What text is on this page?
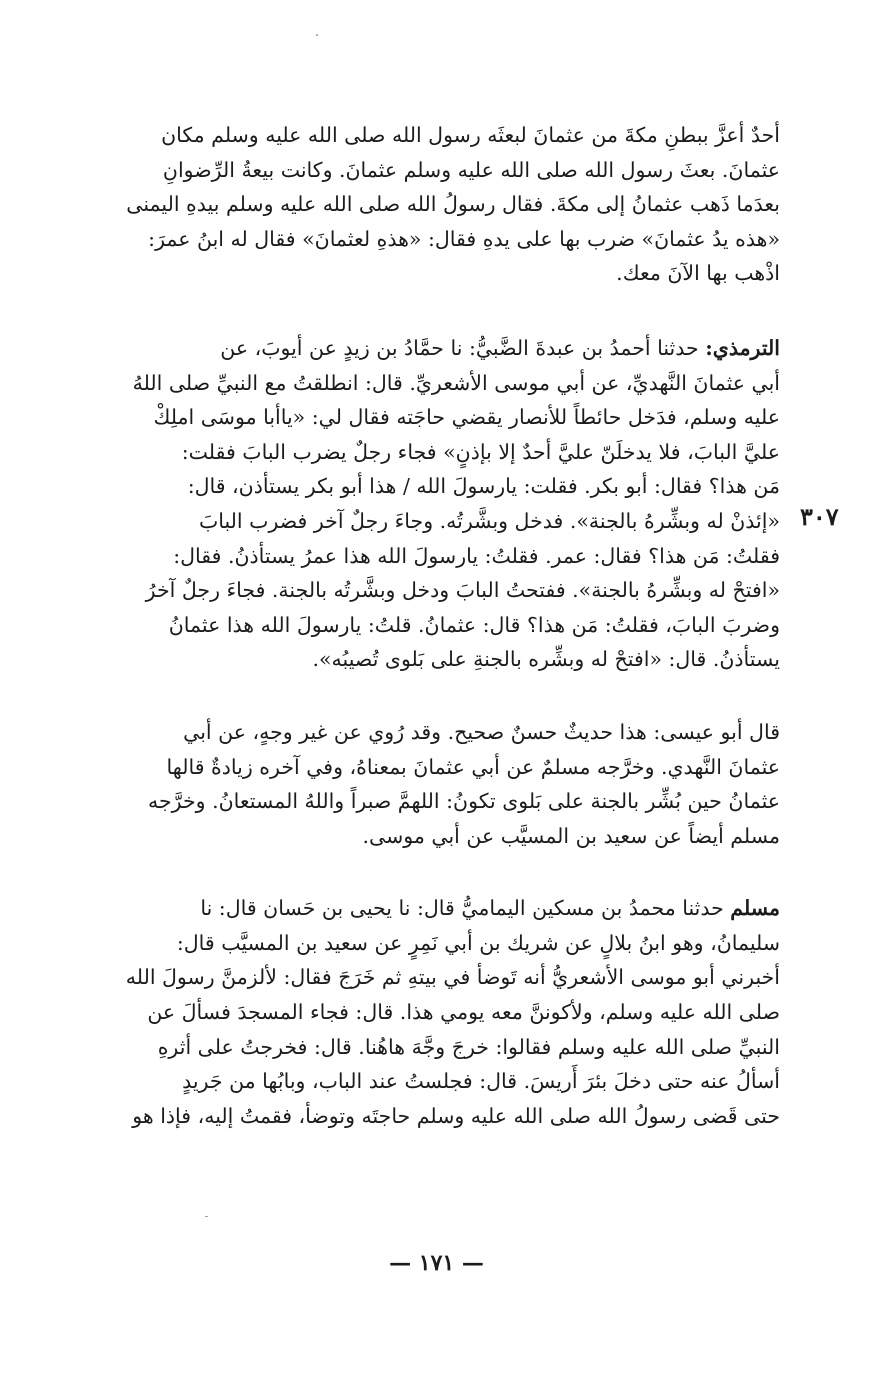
أحدٌ أعزَّ ببطنِ مكةَ من عثمانَ لبعثَه رسول الله صلى الله عليه وسلم مكان
عثمانَ. بعثَ رسول الله صلى الله عليه وسلم عثمانَ. وكانت بيعةُ الرِّضوانِ
بعدَما ذَهب عثمانُ إلى مكةَ. فقال رسولُ الله صلى الله عليه وسلم بيدهِ اليمنى
«هذه يدُ عثمانَ» ضرب بها على يدهِ فقال: «هذهِ لعثمانَ» فقال له ابنُ عمرَ:
اذْهب بها الآنَ معك.

الترمذي: حدثنا أحمدُ بن عبدةَ الضَّبيُّ: نا حمَّادُ بن زيدٍ عن أيوبَ، عن
أبي عثمانَ النَّهديِّ، عن أبي موسى الأشعريِّ. قال: انطلقتُ مع النبيِّ صلى اللهُ
عليه وسلم، فدَخل حائطاً للأنصار يقضي حاجَته فقال لي: «ياأبا موسَى املِكْ
عليَّ البابَ، فلا يدخلَنّ عليَّ أحدٌ إلا بإذنٍ» فجاء رجلٌ يضرب البابَ فقلت:
مَن هذا؟ فقال: أبو بكر. فقلت: يارسولَ الله / هذا أبو بكر يستأذن، قال:
«إئذنْ له وبشِّرهُ بالجنة». فدخل وبشَّرتُه. وجاءَ رجلٌ آخر فضرب البابَ
فقلتُ: مَن هذا؟ فقال: عمر. فقلتُ: يارسولَ الله هذا عمرُ يستأذنُ. فقال:
«افتحْ له وبشِّرهُ بالجنة». ففتحتُ البابَ ودخل وبشَّرتُه بالجنة. فجاءَ رجلٌ آخرُ
وضربَ البابَ، فقلتُ: مَن هذا؟ قال: عثمانُ. قلتُ: يارسولَ الله هذا عثمانُ
يستأذنُ. قال: «افتحْ له وبشِّره بالجنةِ على بَلوى تُصيبُه».

قال أبو عيسى: هذا حديثٌ حسنٌ صحيح. وقد رُوي عن غير وجهٍ، عن أبي
عثمانَ النَّهدي. وخرَّجه مسلمٌ عن أبي عثمانَ بمعناهُ، وفي آخره زيادةٌ قالها
عثمانُ حين بُشِّر بالجنة على بَلوى تكونُ: اللهمَّ صبراً واللهُ المستعانُ. وخرَّجه
مسلم أيضاً عن سعيد بن المسيَّب عن أبي موسى.

مسلم حدثنا محمدُ بن مسكين اليماميُّ قال: نا يحيى بن حَسان قال: نا
سليمانُ، وهو ابنُ بلالٍ عن شريك بن أبي نَمِرٍ عن سعيد بن المسيَّب قال:
أخبرني أبو موسى الأشعريُّ أنه تَوضأ في بيتهِ ثم خَرَجَ فقال: لألزمنَّ رسولَ الله
صلى الله عليه وسلم، ولأكوننَّ معه يومي هذا. قال: فجاء المسجدَ فسألَ عن
النبيِّ صلى الله عليه وسلم فقالوا: خرجَ وجَّهَ هاهُنا. قال: فخرجتُ على أثرهِ
أسألُ عنه حتى دخلَ بئرَ أَريسَ. قال: فجلستُ عند الباب، وبابُها من جَريدٍ
حتى قَضى رسولُ الله صلى الله عليه وسلم حاجتَه وتوضأ، فقمتُ إليه، فإذا هو

٣٠٧
— ١٧١ —
